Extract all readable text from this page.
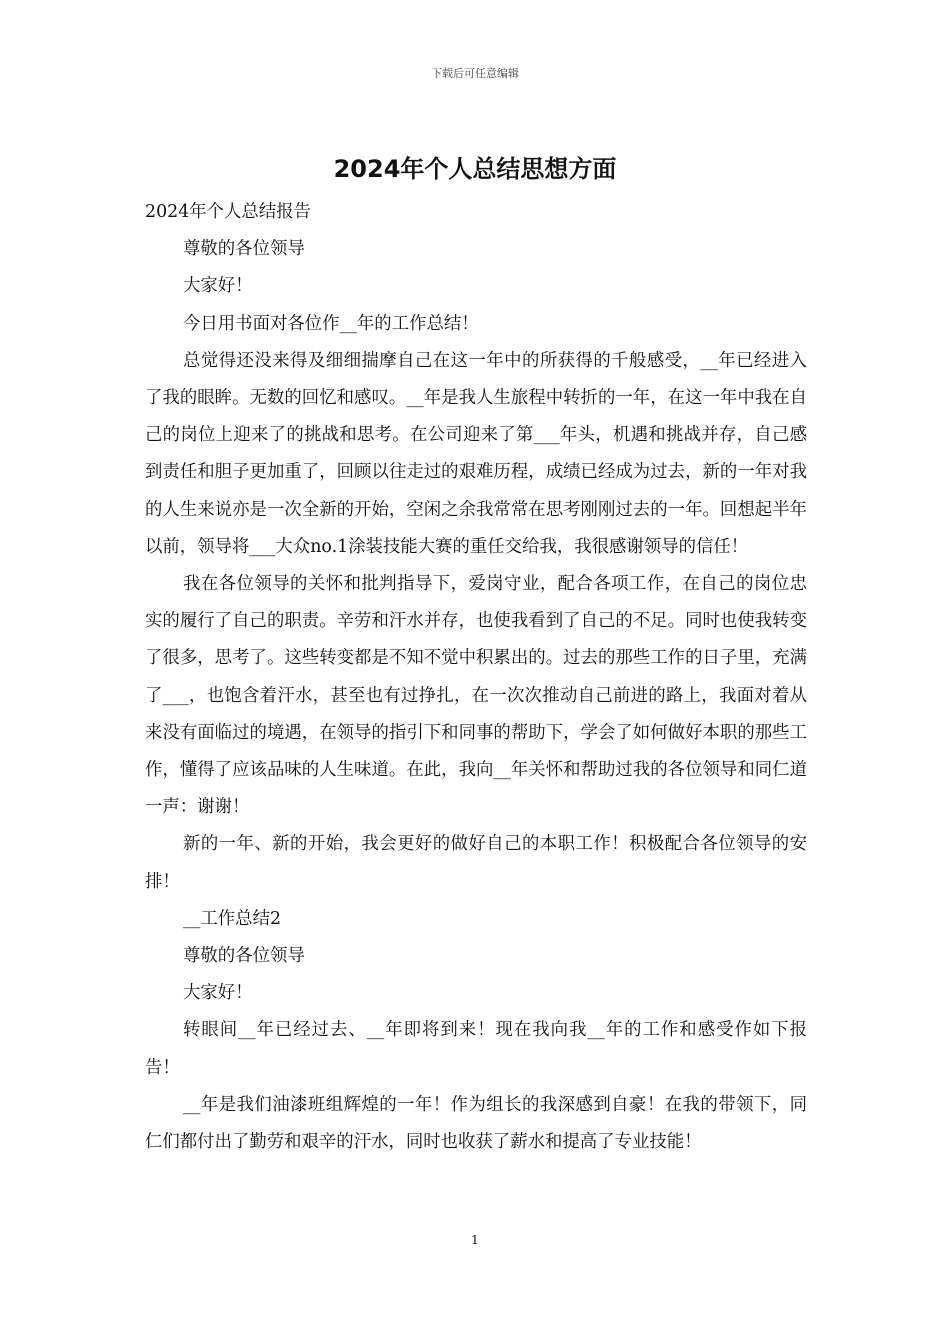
下载后可任意编辑
2024年个人总结思想方面

2024年个人总结报告

尊敬的各位领导

大家好！

今日用书面对各位作__年的工作总结！

总觉得还没来得及细细揣摩自己在这一年中的所获得的千般感受，__年已经进入了我的眼眸。无数的回忆和感叹。__年是我人生旅程中转折的一年，在这一年中我在自己的岗位上迎来了的挑战和思考。在公司迎来了第___年头，机遇和挑战并存，自己感到责任和胆子更加重了，回顾以往走过的艰难历程，成绩已经成为过去，新的一年对我的人生来说亦是一次全新的开始，空闲之余我常常在思考刚刚过去的一年。回想起半年以前，领导将___大众no.1涂装技能大赛的重任交给我，我很感谢领导的信任！

我在各位领导的关怀和批判指导下，爱岗守业，配合各项工作，在自己的岗位忠实的履行了自己的职责。辛劳和汗水并存，也使我看到了自己的不足。同时也使我转变了很多，思考了。这些转变都是不知不觉中积累出的。过去的那些工作的日子里，充满了___，也饱含着汗水，甚至也有过挣扎，在一次次推动自己前进的路上，我面对着从来没有面临过的境遇，在领导的指引下和同事的帮助下，学会了如何做好本职的那些工作，懂得了应该品味的人生味道。在此，我向__年关怀和帮助过我的各位领导和同仁道一声：谢谢！

新的一年、新的开始，我会更好的做好自己的本职工作！积极配合各位领导的安排！

__工作总结2

尊敬的各位领导

大家好！

转眼间__年已经过去、__年即将到来！现在我向我__年的工作和感受作如下报告！

__年是我们油漆班组辉煌的一年！作为组长的我深感到自豪！在我的带领下，同仁们都付出了勤劳和艰辛的汗水，同时也收获了薪水和提高了专业技能！

1
